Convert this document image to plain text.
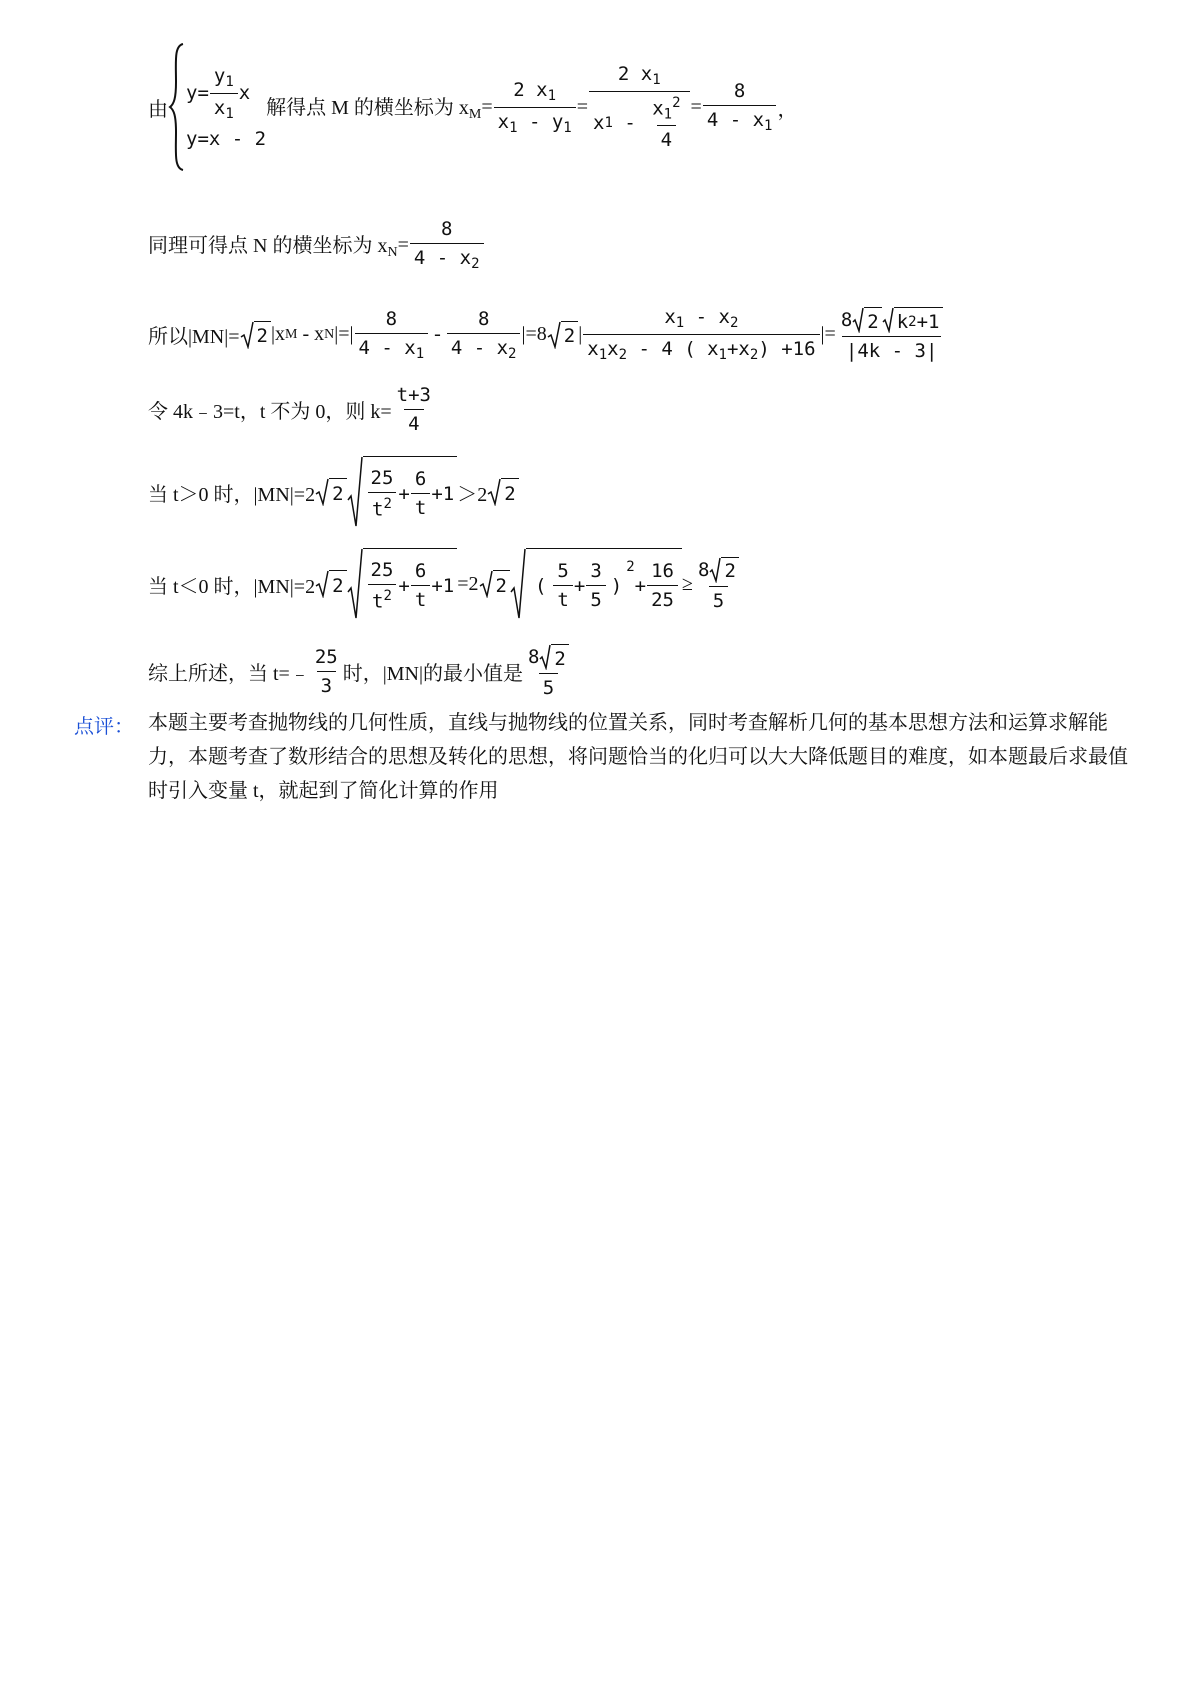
由
$y= \frac{y_1}{x_1}$ x
y=x - 2
解得点 M 的横坐标为 $x_M = \frac{2 x_1}{x_1 - y_1} = \frac{2 x_1}{x 1 - \frac{x_1^2}{4}} = \frac{8}{4 - x_1}$ ，
同理可得点 N 的横坐标为 $x_N = \frac{8}{4 - x_2}$
所以|MN|= 2 |x M - x N |=| $\frac{8}{4 - x_1} - \frac{8}{4 - x_2} |=8$ 2 | $\frac{x_1 - x_2}{x_1x_2 - 4 ( x_1+x_2) +16}$ |= $\frac{8 2 k 2 +1}{|4k - 3|}$
令 4k﹣3=t，t 不为 0，则 $k= \frac{t+3}{4}$
当 t＞0 时，|MN|=2 $2 \frac{25}{t^2} + \frac{6}{t} +1 >2$ 2
当 t＜0 时，|MN|=2 $2 \frac{25}{t^2} + \frac{6}{t} +1 =2$ 2 ( $\frac{5}{t} + \frac{3}{5}$ )
$^2$
+ $\frac{16}{25} \ge \frac{8 2}{5}$
综上所述，当 t=﹣ $\frac{25}{3}$ 时，|MN|的最小值是 $\frac{8 2}{5}$
点评： 本题主要考查抛物线的几何性质，直线与抛物线的位置关系，同时考查解析几何的基本思想方法和运算求解能力，本题考查了数形结合的思想及转化的思想，将问题恰当的化归可以大大降低题目的难度，如本题最后求最值时引入变量 t，就起到了简化计算的作用
